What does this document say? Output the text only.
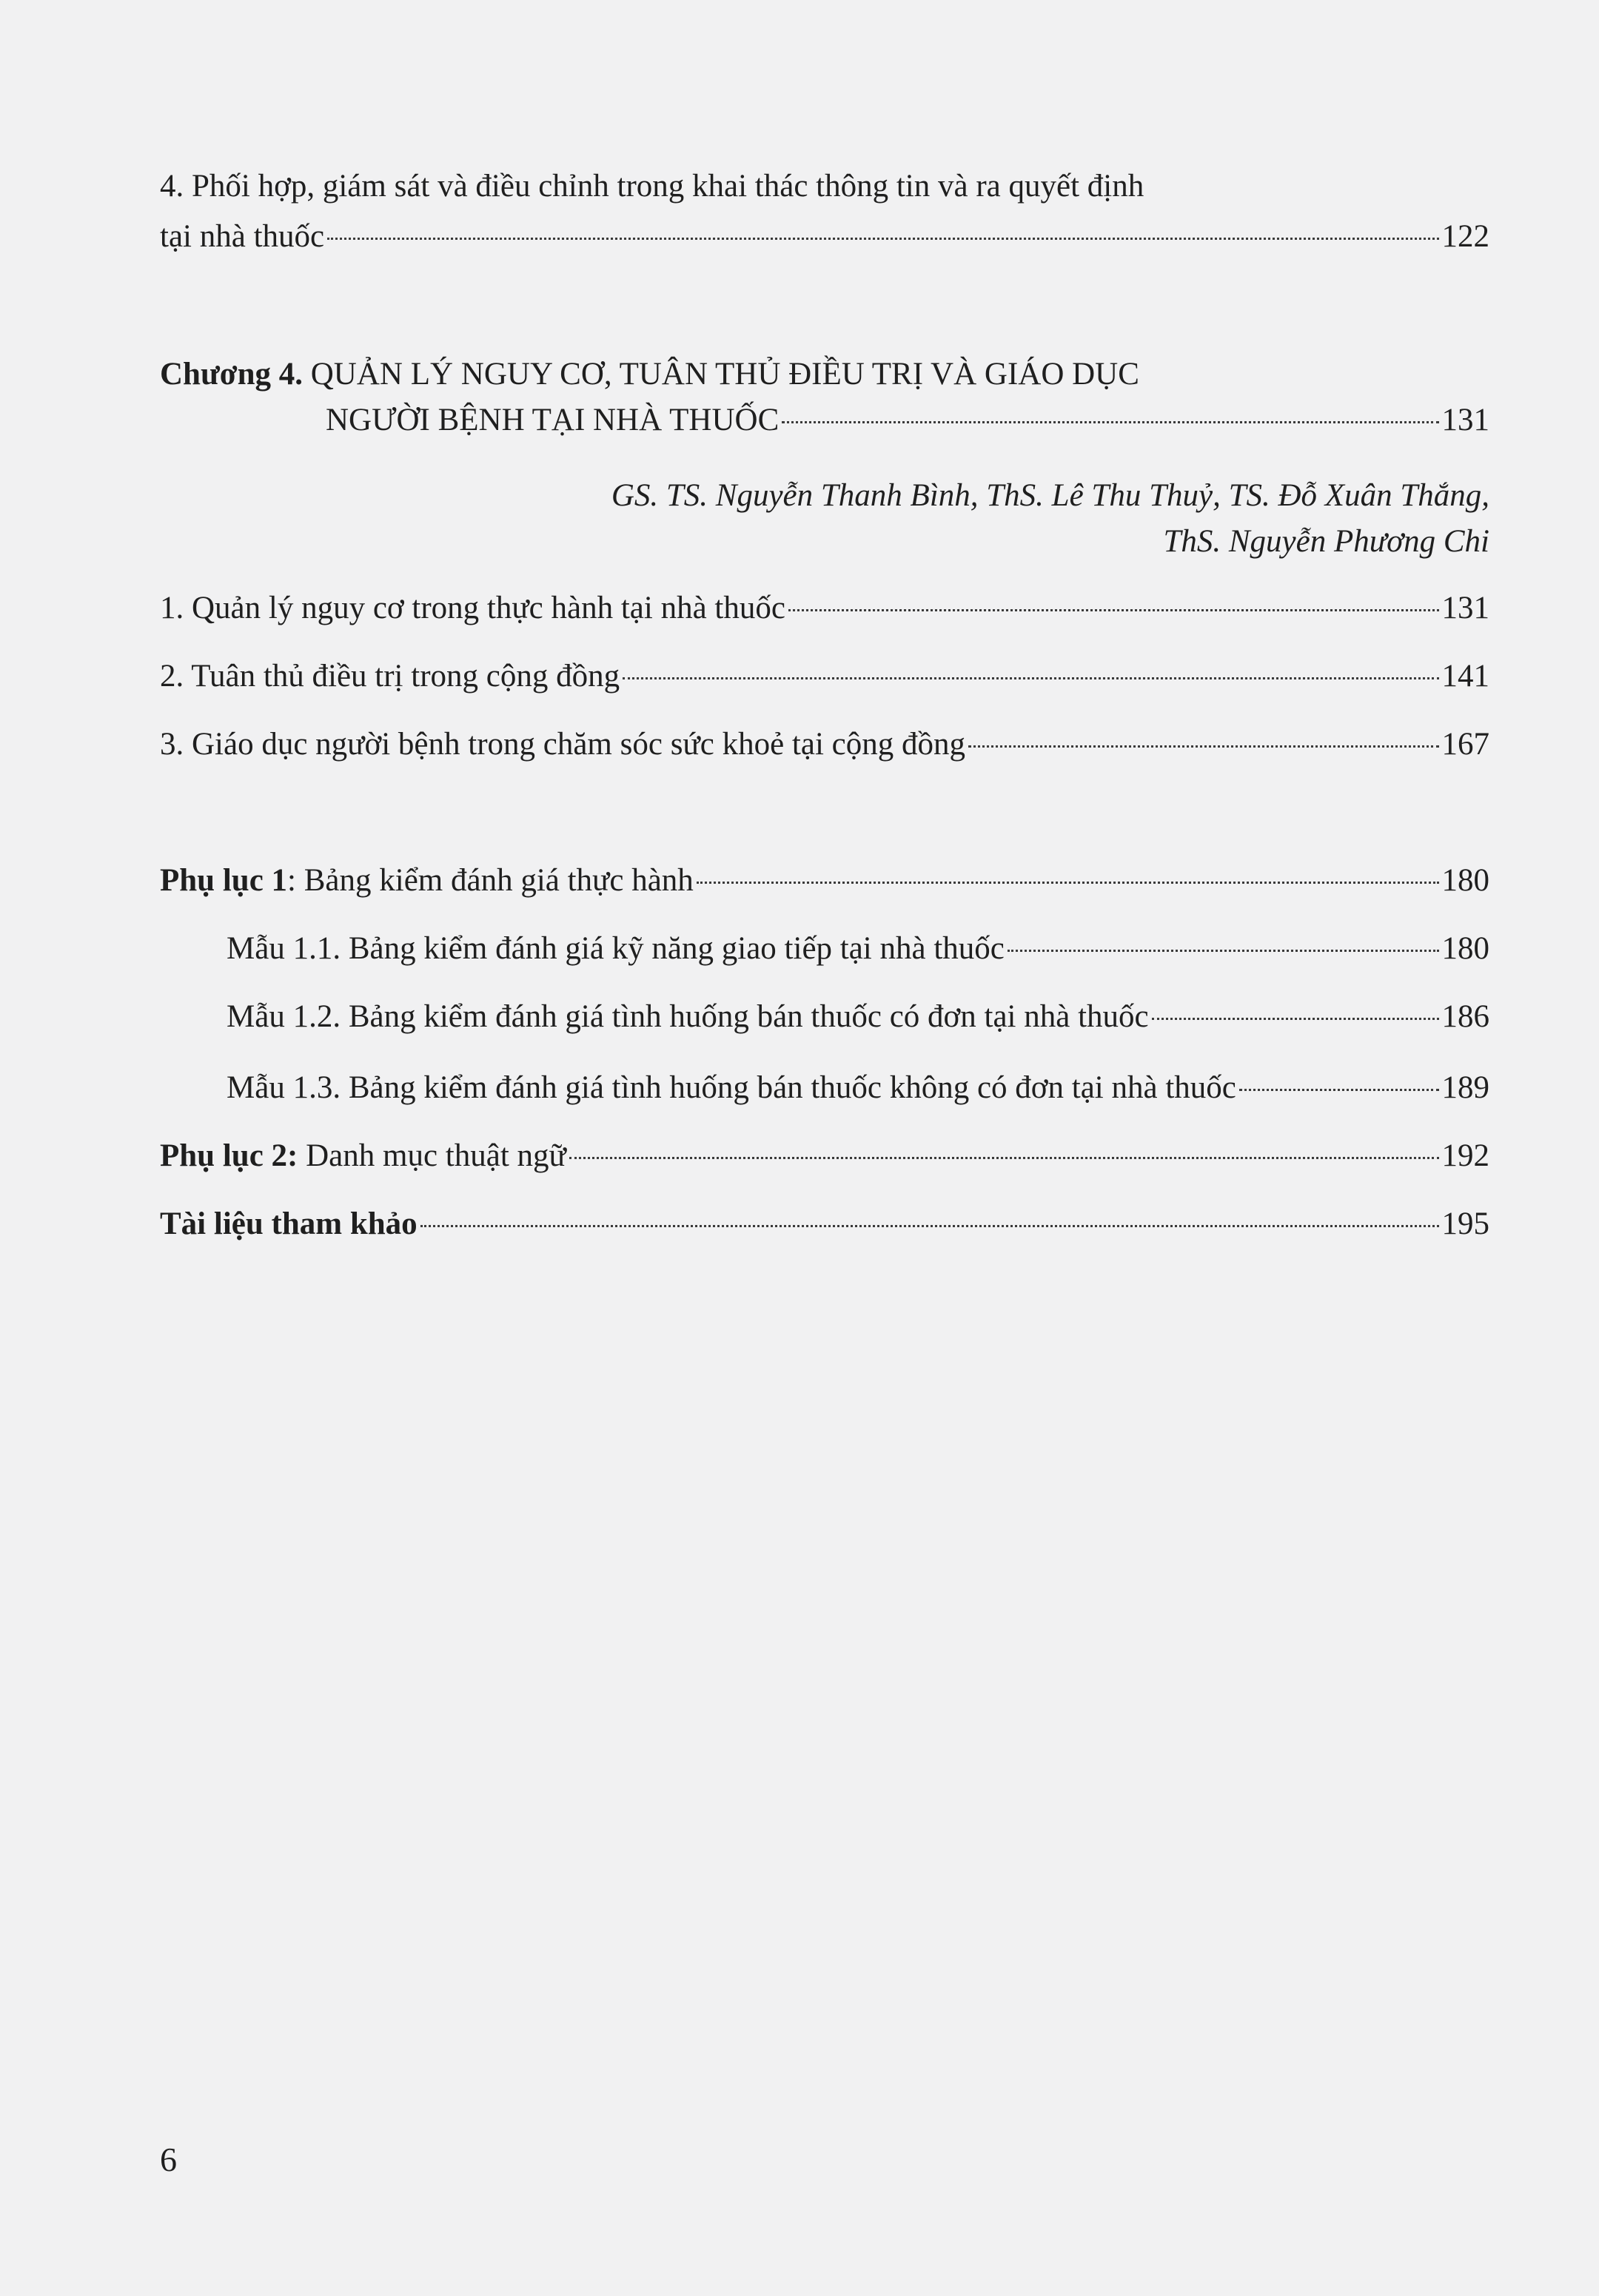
4. Phối hợp, giám sát và điều chỉnh trong khai thác thông tin và ra quyết định
tại nhà thuốc	122
Chương 4. QUẢN LÝ NGUY CƠ, TUÂN THỦ ĐIỀU TRỊ VÀ GIÁO DỤC
NGƯỜI BỆNH TẠI NHÀ THUỐC	131
GS. TS. Nguyễn Thanh Bình, ThS. Lê Thu Thuỷ, TS. Đỗ Xuân Thắng,
ThS. Nguyễn Phương Chi
1. Quản lý nguy cơ trong thực hành tại nhà thuốc	131
2. Tuân thủ điều trị trong cộng đồng	141
3. Giáo dục người bệnh trong chăm sóc sức khoẻ tại cộng đồng	167
Phụ lục 1: Bảng kiểm đánh giá thực hành	180
Mẫu 1.1. Bảng kiểm đánh giá kỹ năng giao tiếp tại nhà thuốc	180
Mẫu 1.2. Bảng kiểm đánh giá tình huống bán thuốc có đơn tại nhà thuốc	186
Mẫu 1.3. Bảng kiểm đánh giá tình huống bán thuốc không có đơn tại nhà thuốc	189
Phụ lục 2: Danh mục thuật ngữ	192
Tài liệu tham khảo	195
6
